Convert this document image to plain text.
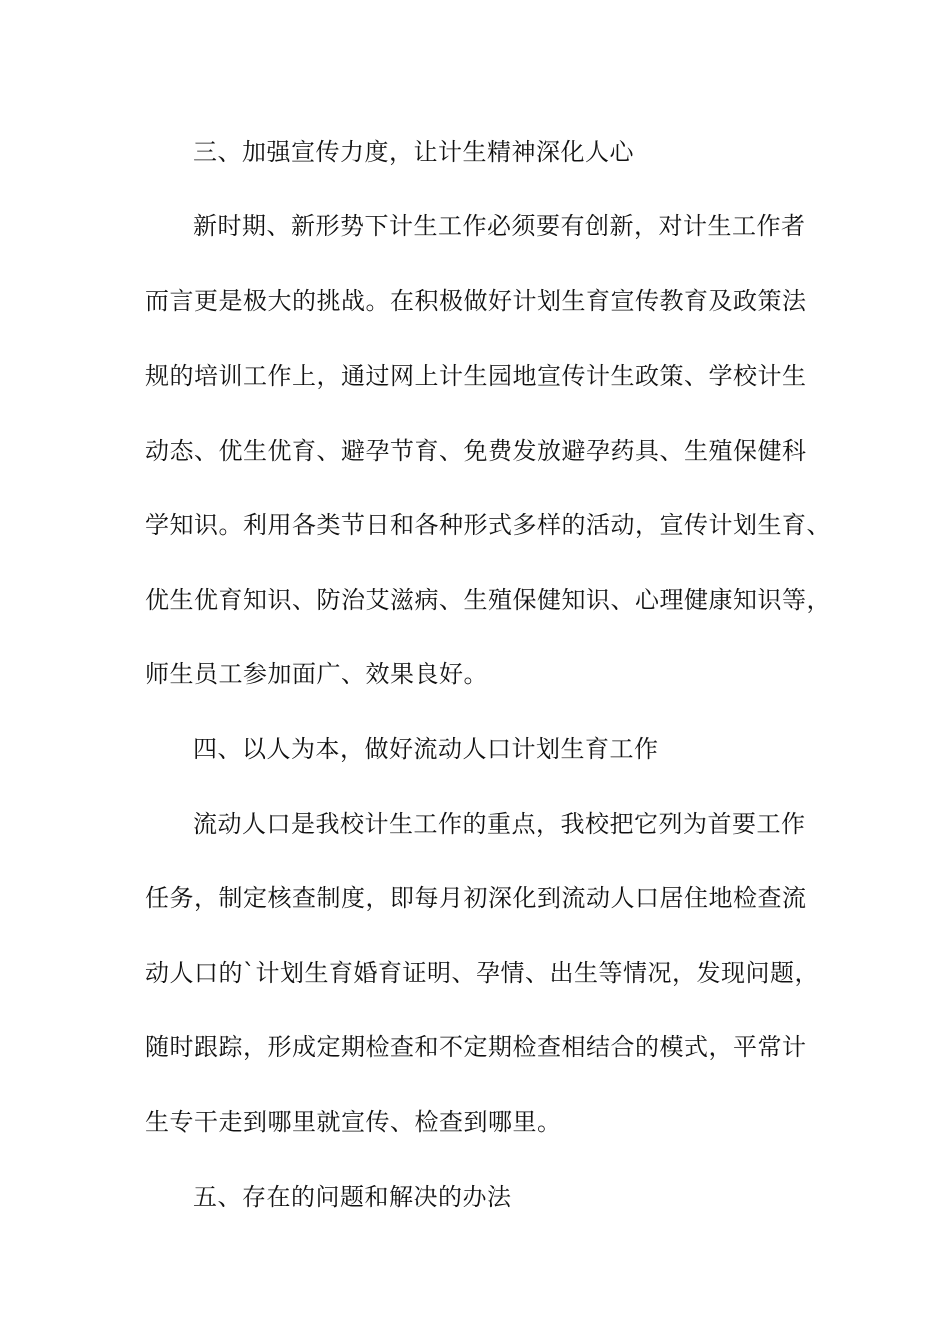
三、加强宣传力度，让计生精神深化人心
新时期、新形势下计生工作必须要有创新，对计生工作者
而言更是极大的挑战。在积极做好计划生育宣传教育及政策法
规的培训工作上，通过网上计生园地宣传计生政策、学校计生
动态、优生优育、避孕节育、免费发放避孕药具、生殖保健科
学知识。利用各类节日和各种形式多样的活动，宣传计划生育、
优生优育知识、防治艾滋病、生殖保健知识、心理健康知识等，
师生员工参加面广、效果良好。
四、以人为本，做好流动人口计划生育工作
流动人口是我校计生工作的重点，我校把它列为首要工作
任务，制定核查制度，即每月初深化到流动人口居住地检查流
动人口的`计划生育婚育证明、孕情、出生等情况，发现问题，
随时跟踪，形成定期检查和不定期检查相结合的模式，平常计
生专干走到哪里就宣传、检查到哪里。
五、存在的问题和解决的办法
